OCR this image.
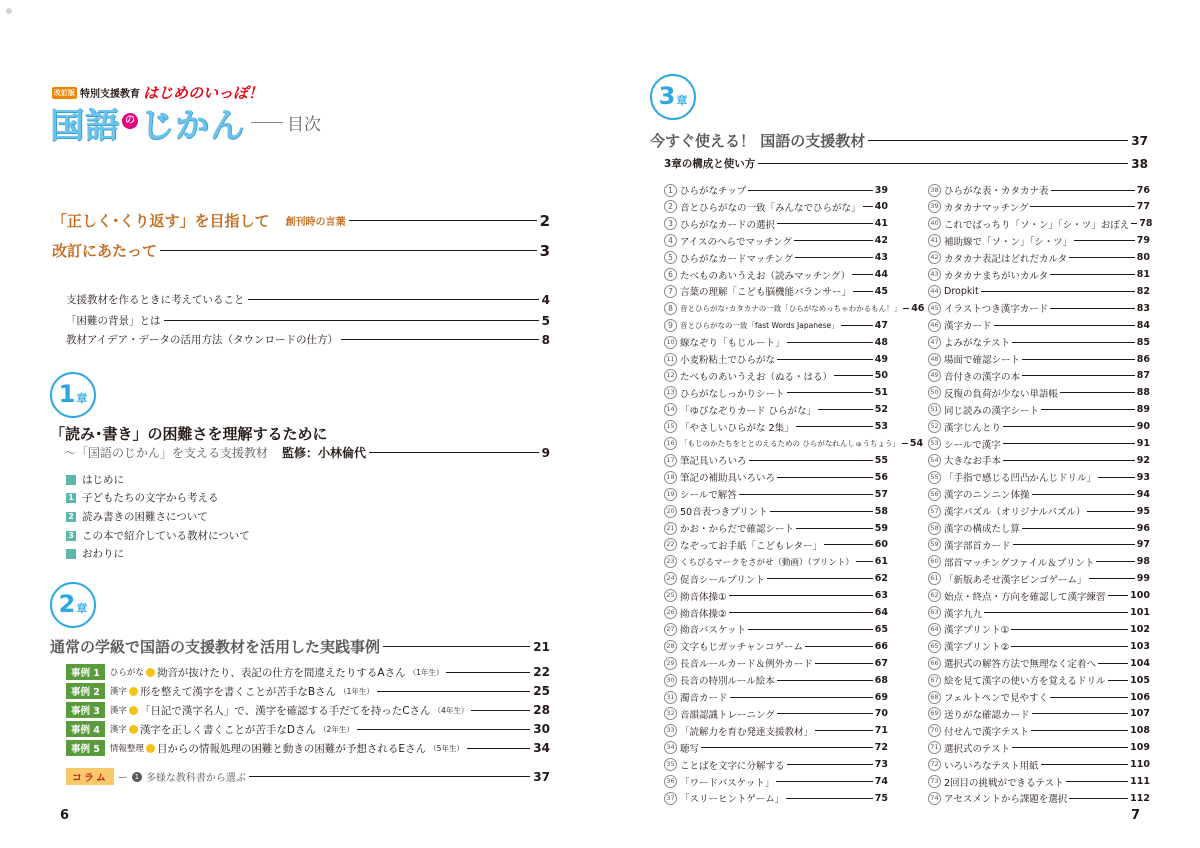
改訂版 特別支援教育 はじめのいっぽ！
国語 の じかん 目次
「正しく･くり返す」を目指して 創刊時の言葉	2
改訂にあたって	3
支援教材を作るときに考えていること	4
「困難の背景」とは	5
教材アイデア・データの活用方法（タウンロードの仕方）	8
1 章
「読み･書き」の困難さを理解するために
〜「国語のじかん」を支える支援教材 監修：小林倫代	9
はじめに
1 子どもたちの文字から考える
2 読み書きの困難さについて
3 この本で紹介している教材について
おわりに
2 章
通常の学級で国語の支援教材を活用した実践事例	21
事例 1	ひらがな 拗音が抜けたり、表記の仕方を間違えたりするAさん （1年生）	22
事例 2	漢字 形を整えて漢字を書くことが苦手なBさん （1年生）	25
事例 3	漢字 「日記で漢字名人」で、漢字を確認する手だてを持ったCさん （4年生）	28
事例 4	漢字 漢字を正しく書くことが苦手なDさん （2年生）	30
事例 5	情報整理 目からの情報処理の困難と動きの困難が予想されるEさん （5年生）	34
コラム	ー 1 多様な教科書から選ぶ	37
6
3 章
今すぐ使える！ 国語の支援教材	37
3章の構成と使い方	38
1 ひらがなチップ	39
2 音とひらがなの一致「みんなでひらがな」 40
3 ひらがなカードの選択	41
4 アイスのへらでマッチング	42
5 ひらがなカードマッチング	43
6 たべものあいうえお（読みマッチング）	44
7 言葉の理解「こども脳機能バランサー」	45
8 音とひらがな･カタカナの一致「ひらがなめっちゃわかるもん！」 46
9 音とひらがなの一致「fast Words Japanese」	47
10 線なぞり「もじルート」	48
11 小麦粉粘土でひらがな	49
12 たべものあいうえお（ぬる・はる）	50
13 ひらがなしっかりシート	51
14 「ゆびなぞりカード ひらがな」	52
15 「やさしいひらがな 2集」	53
16 「もじのかたちをととのえるための ひらがなれんしゅうちょう」 54
17 筆記具いろいろ	55
18 筆記の補助具いろいろ	56
19 シールで解答	57
20 50音表つきプリント	58
21 かお・からだで確認シート	59
22 なぞってお手紙「こどもレター」	60
23 くちびるマークをさがせ（動画）（プリント） 61
24 促音シールプリント	62
25 拗音体操①	63
26 拗音体操②	64
27 拗音バスケット	65
28 文字もじガッチャンコゲーム	66
29 長音ルールカード＆例外カード	67
30 長音の特別ルール絵本	68
31 濁音カード	69
32 音韻認識トレーニング	70
33 「読解力を育む発達支援教材」	71
34 聴写	72
35 ことばを文字に分解する	73
36 「ワードバスケット」	74
37 「スリーヒントゲーム」	75
38 ひらがな表・カタカナ表	76
39 カタカナマッチング	77
40 これでばっちり「ソ・ン」「シ・ツ」おぼえ 78
41 補助線で「ソ・ン」「シ・ツ」	79
42 カタカナ表記はどれだカルタ	80
43 カタカナまちがいカルタ	81
44 Dropkit	82
45 イラストつき漢字カード	83
46 漢字カード	84
47 よみがなテスト	85
48 場面で確認シート	86
49 音付きの漢字の本	87
50 反復の負荷が少ない単語帳	88
51 同じ読みの漢字シート	89
52 漢字じんとり	90
53 シールで漢字	91
54 大きなお手本	92
55 「手指で感じる凹凸かんじドリル」	93
56 漢字のニンニン体操	94
57 漢字パズル（オリジナルパズル）	95
58 漢字の構成たし算	96
59 漢字部首カード	97
60 部首マッチングファイル＆プリント	98
61 「新版あそせ漢字ビンゴゲーム」	99
62 始点・終点・方向を確認して漢字練習	100
63 漢字九九	101
64 漢字プリント①	102
65 漢字プリント②	103
66 選択式の解答方法で無理なく定着へ	104
67 絵を見て漢字の使い方を覚えるドリル	105
68 フェルトペンで見やすく	106
69 送りがな確認カード	107
70 付せんで漢字テスト	108
71 選択式のテスト	109
72 いろいろなテスト用紙	110
73 2回目の挑戦ができるテスト	111
74 アセスメントから課題を選択	112
7
